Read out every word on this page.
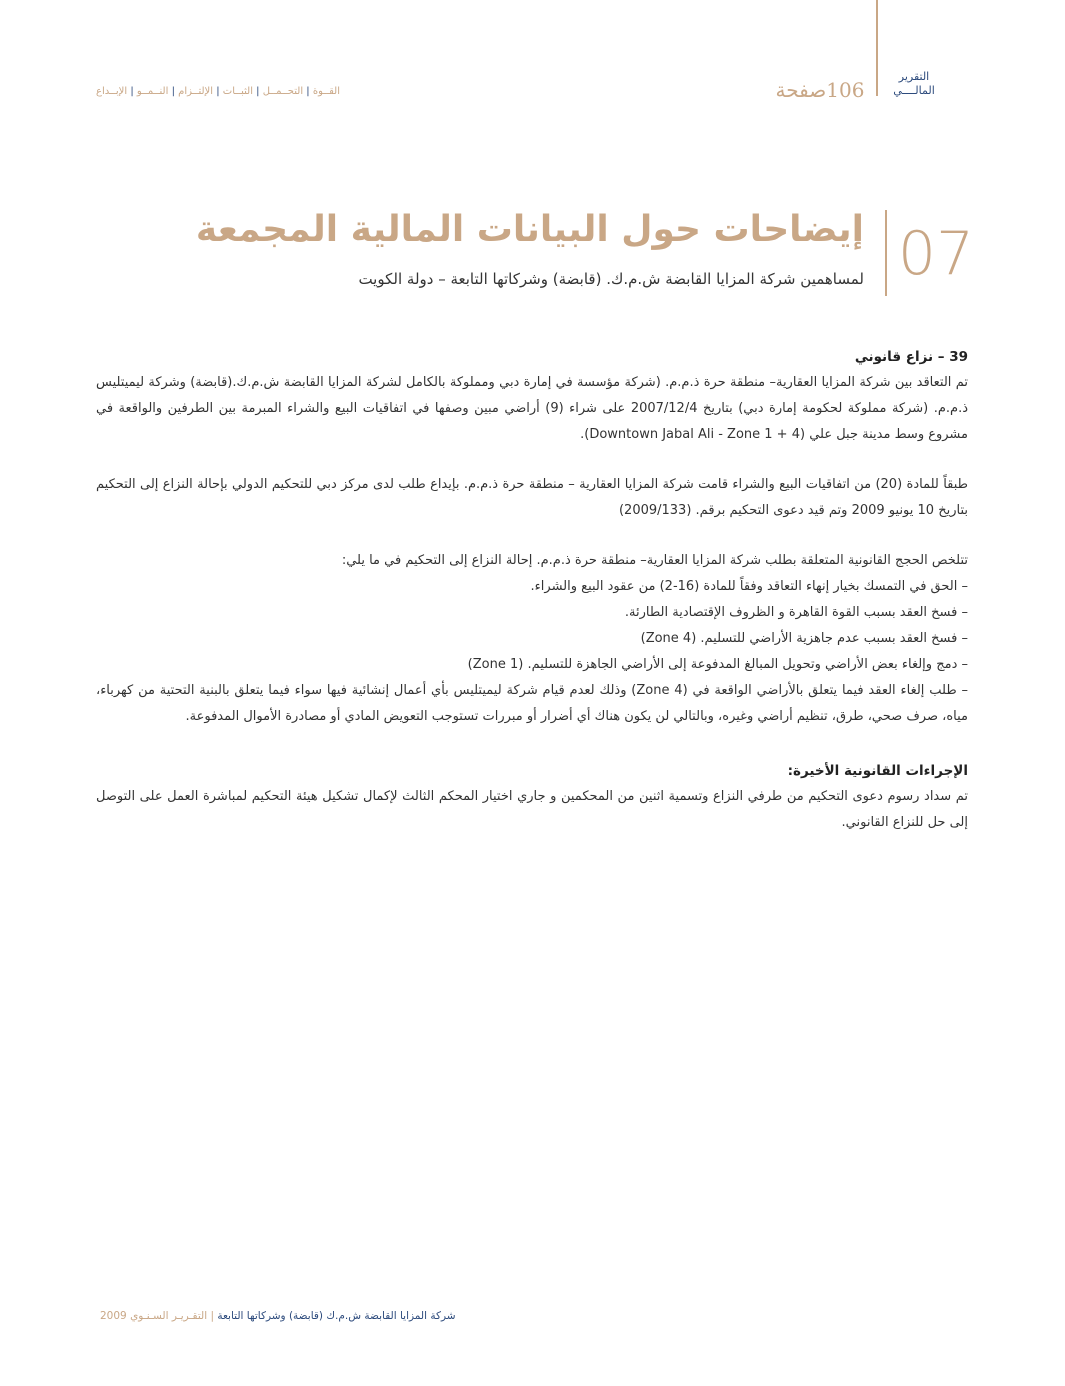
التقرير
المالــــي
106صفحة
القــوة | التحــمــل | الثبــات | الإلتــزام | النــمــو | الإبــداع
07
إيضاحات حول البيانات المالية المجمعة
لمساهمين شركة المزايا القابضة ش.م.ك. (قابضة) وشركاتها التابعة – دولة الكويت

39 – نزاع قانوني

تم التعاقد بين شركة المزايا العقارية– منطقة حرة ذ.م.م. (شركة مؤسسة في إمارة دبي ومملوكة بالكامل لشركة المزايا القابضة ش.م.ك.(قابضة) وشركة ليميتليس ذ.م.م. (شركة مملوكة لحكومة إمارة دبي) بتاريخ 2007/12/4 على شراء (9) أراضي مبين وصفها في اتفاقيات البيع والشراء المبرمة بين الطرفين والواقعة في مشروع وسط مدينة جبل علي (Downtown Jabal Ali - Zone 1 + 4).

طبقاً للمادة (20) من اتفاقيات البيع والشراء قامت شركة المزايا العقارية – منطقة حرة ذ.م.م. بإيداع طلب لدى مركز دبي للتحكيم الدولي بإحالة النزاع إلى التحكيم بتاريخ 10 يونيو 2009 وتم قيد دعوى التحكيم برقم. (2009/133)

تتلخص الحجج القانونية المتعلقة بطلب شركة المزايا العقارية– منطقة حرة ذ.م.م. إحالة النزاع إلى التحكيم في ما يلي:

– الحق في التمسك بخيار إنهاء التعاقد وفقاً للمادة (16-2) من عقود البيع والشراء.

– فسخ العقد بسبب القوة القاهرة و الظروف الإقتصادية الطارئة.

– فسخ العقد بسبب عدم جاهزية الأراضي للتسليم. (Zone 4)

– دمج وإلغاء بعض الأراضي وتحويل المبالغ المدفوعة إلى الأراضي الجاهزة للتسليم. (Zone 1)

– طلب إلغاء العقد فيما يتعلق بالأراضي الواقعة في (Zone 4) وذلك لعدم قيام شركة ليميتليس بأي أعمال إنشائية فيها سواء فيما يتعلق بالبنية التحتية من كهرباء، مياه، صرف صحي، طرق، تنظيم أراضي وغيره، وبالتالي لن يكون هناك أي أضرار أو مبررات تستوجب التعويض المادي أو مصادرة الأموال المدفوعة.

الإجراءات القانونية الأخيرة:

تم سداد رسوم دعوى التحكيم من طرفي النزاع وتسمية اثنين من المحكمين و جاري اختيار المحكم الثالث لإكمال تشكيل هيئة التحكيم لمباشرة العمل على التوصل إلى حل للنزاع القانوني.

شركة المزايا القابضة ش.م.ك (قابضة) وشركاتها التابعة | التقـريـر السـنـوي 2009
